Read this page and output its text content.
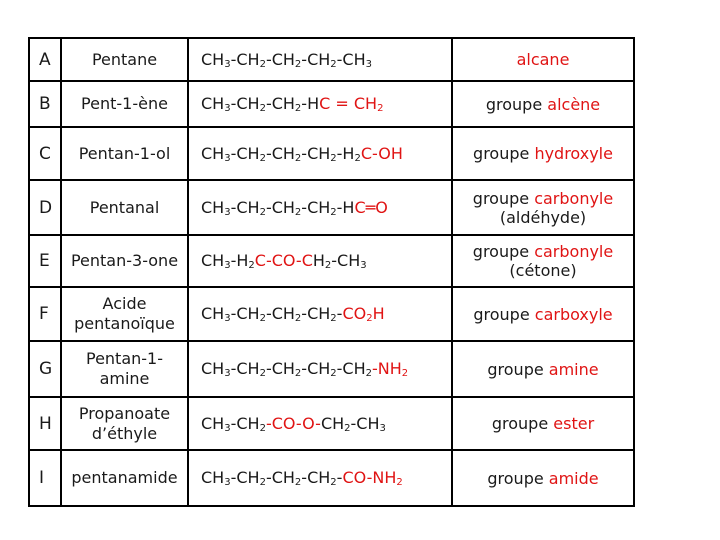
A	Pentane	$CH_3-CH_2-CH_2-CH_2-CH_3$	alcane

B	Pent-1-ène	$CH_3-CH_2-CH_2-HC = CH_2$	groupe alcène

C	Pentan-1-ol	$CH_3-CH_2-CH_2-CH_2-H_2C-OH$	groupe hydroxyle

D	Pentanal	$CH_3-CH_2-CH_2-CH_2-HC═O$	groupe carbonyle
(aldéhyde)

E	Pentan-3-one	$CH_3-H_2C-CO-CH_2-CH_3$	groupe carbonyle
(cétone)

F	Acide pentanoïque	$CH_3-CH_2-CH_2-CH_2-CO_2H$	groupe carboxyle

G	Pentan-1-amine	$CH_3-CH_2-CH_2-CH_2-CH_2-NH_2$	groupe amine

H	Propanoate d’éthyle	$CH_3-CH_2-CO-O-CH_2-CH_3$	groupe ester

I	pentanamide	$CH_3-CH_2-CH_2-CH_2-CO-NH_2$	groupe amide
